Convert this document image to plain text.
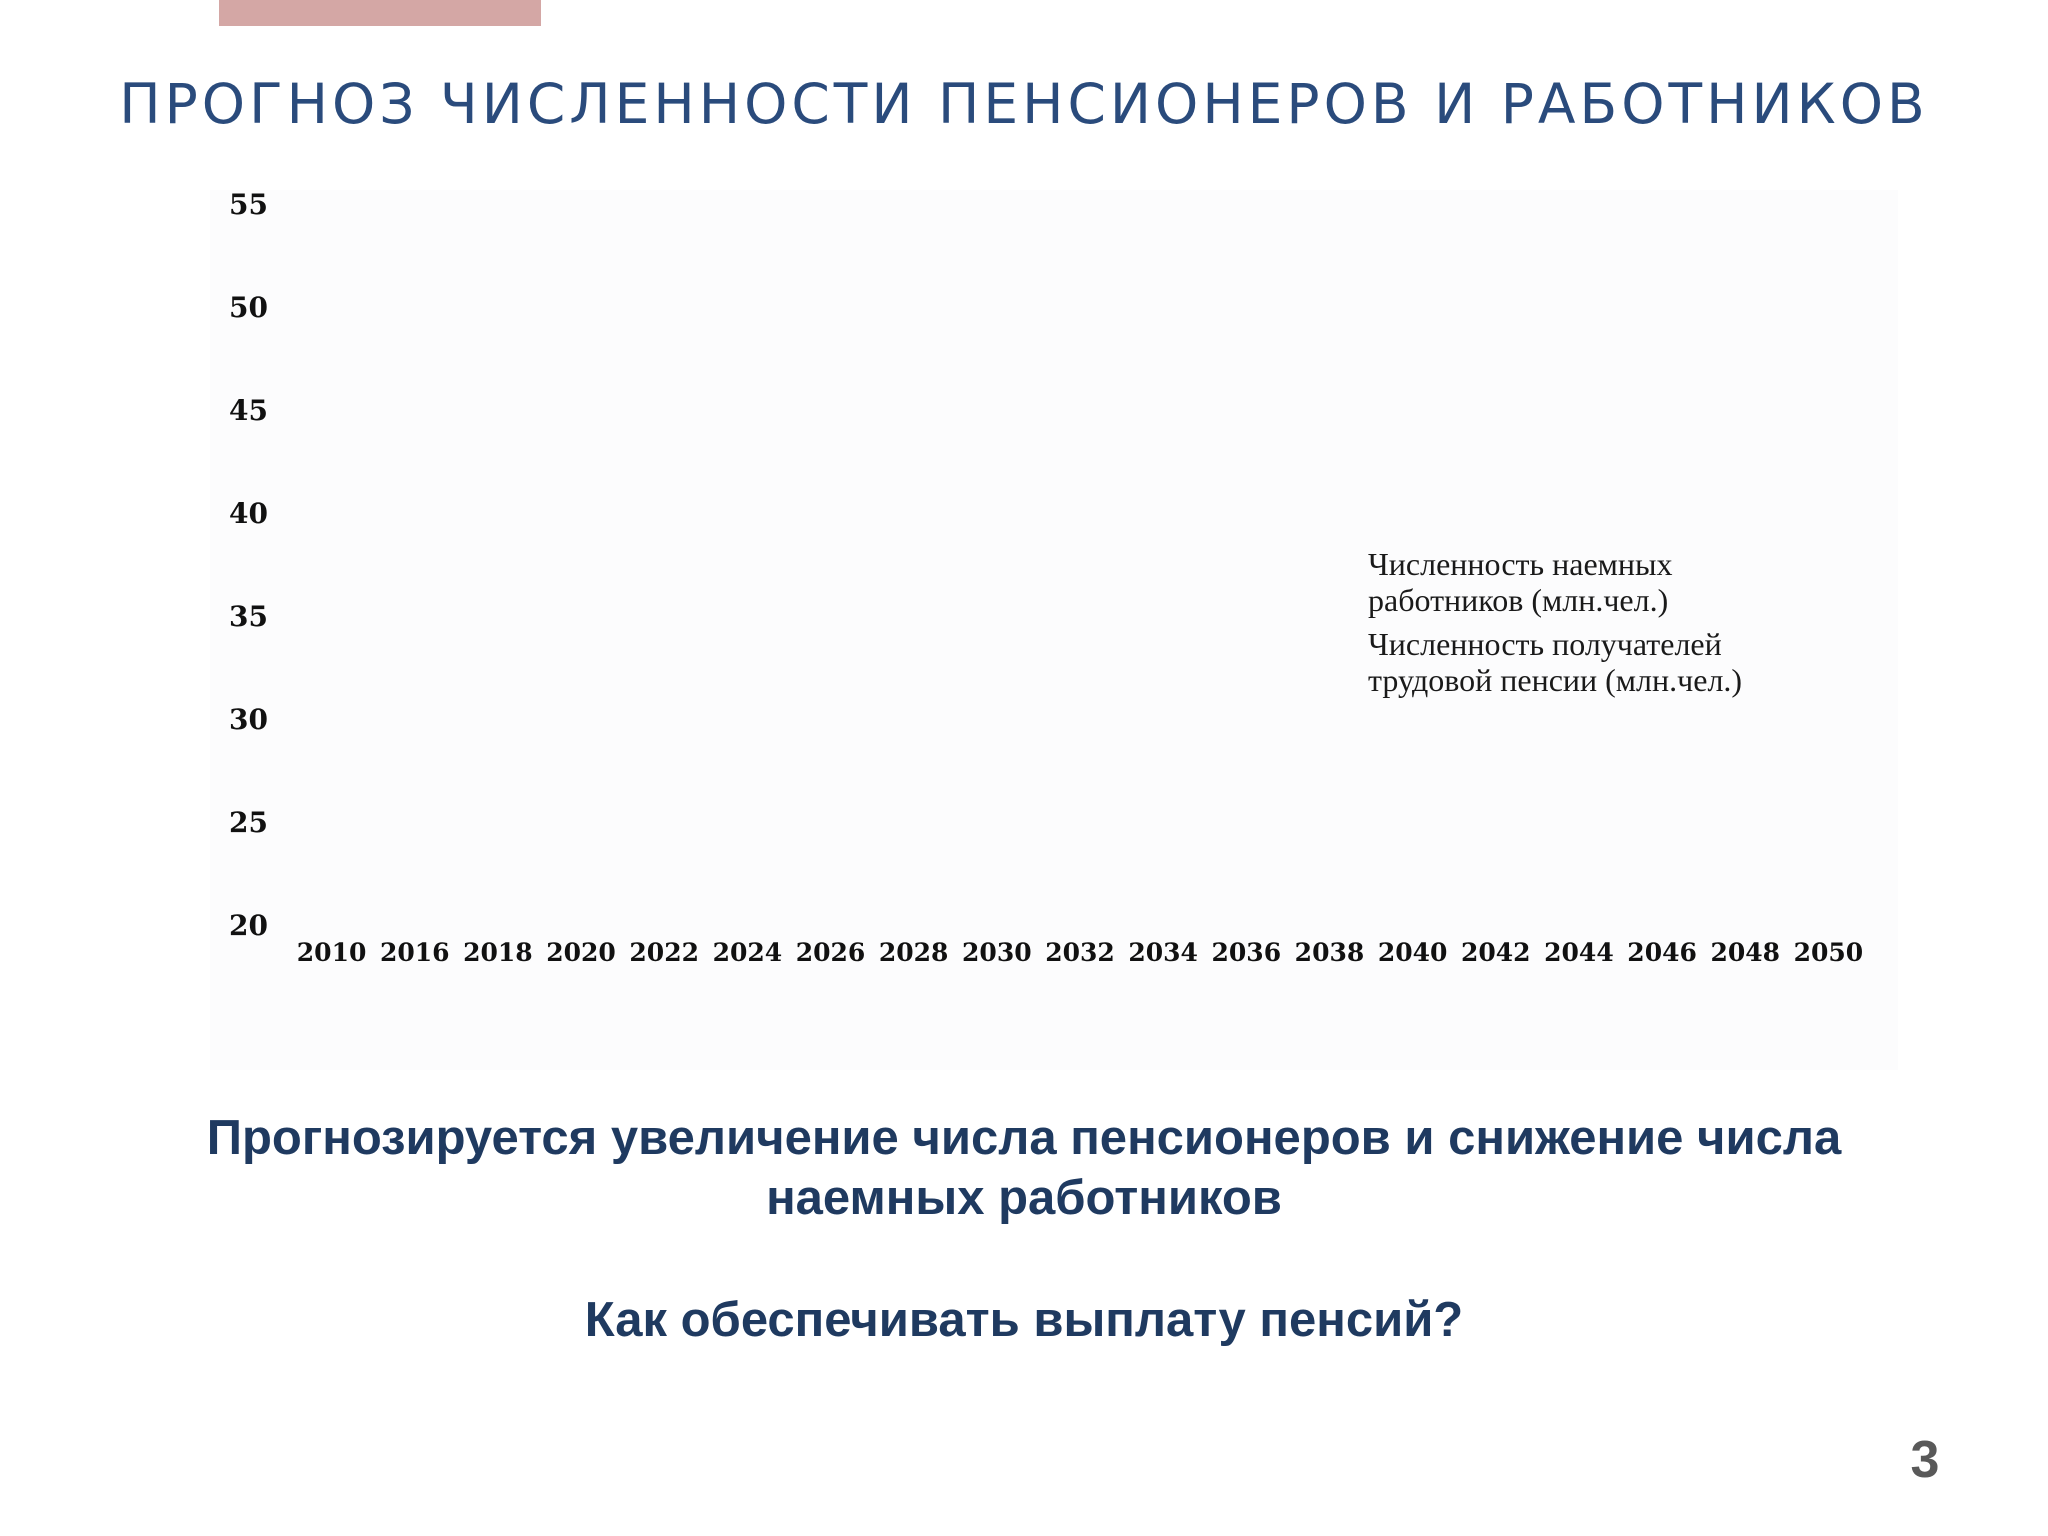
ПРОГНОЗ ЧИСЛЕННОСТИ ПЕНСИОНЕРОВ И РАБОТНИКОВ
55
50
45
40
35
30
25
20
2010 2016 2018 2020 2022 2024 2026 2028 2030 2032 2034 2036 2038 2040 2042 2044 2046 2048 2050
Численность наемных работников (млн.чел.)
Численность получателей трудовой пенсии (млн.чел.)
Прогнозируется увеличение числа пенсионеров и снижение числа
наемных работников
Как обеспечивать выплату пенсий?
3
